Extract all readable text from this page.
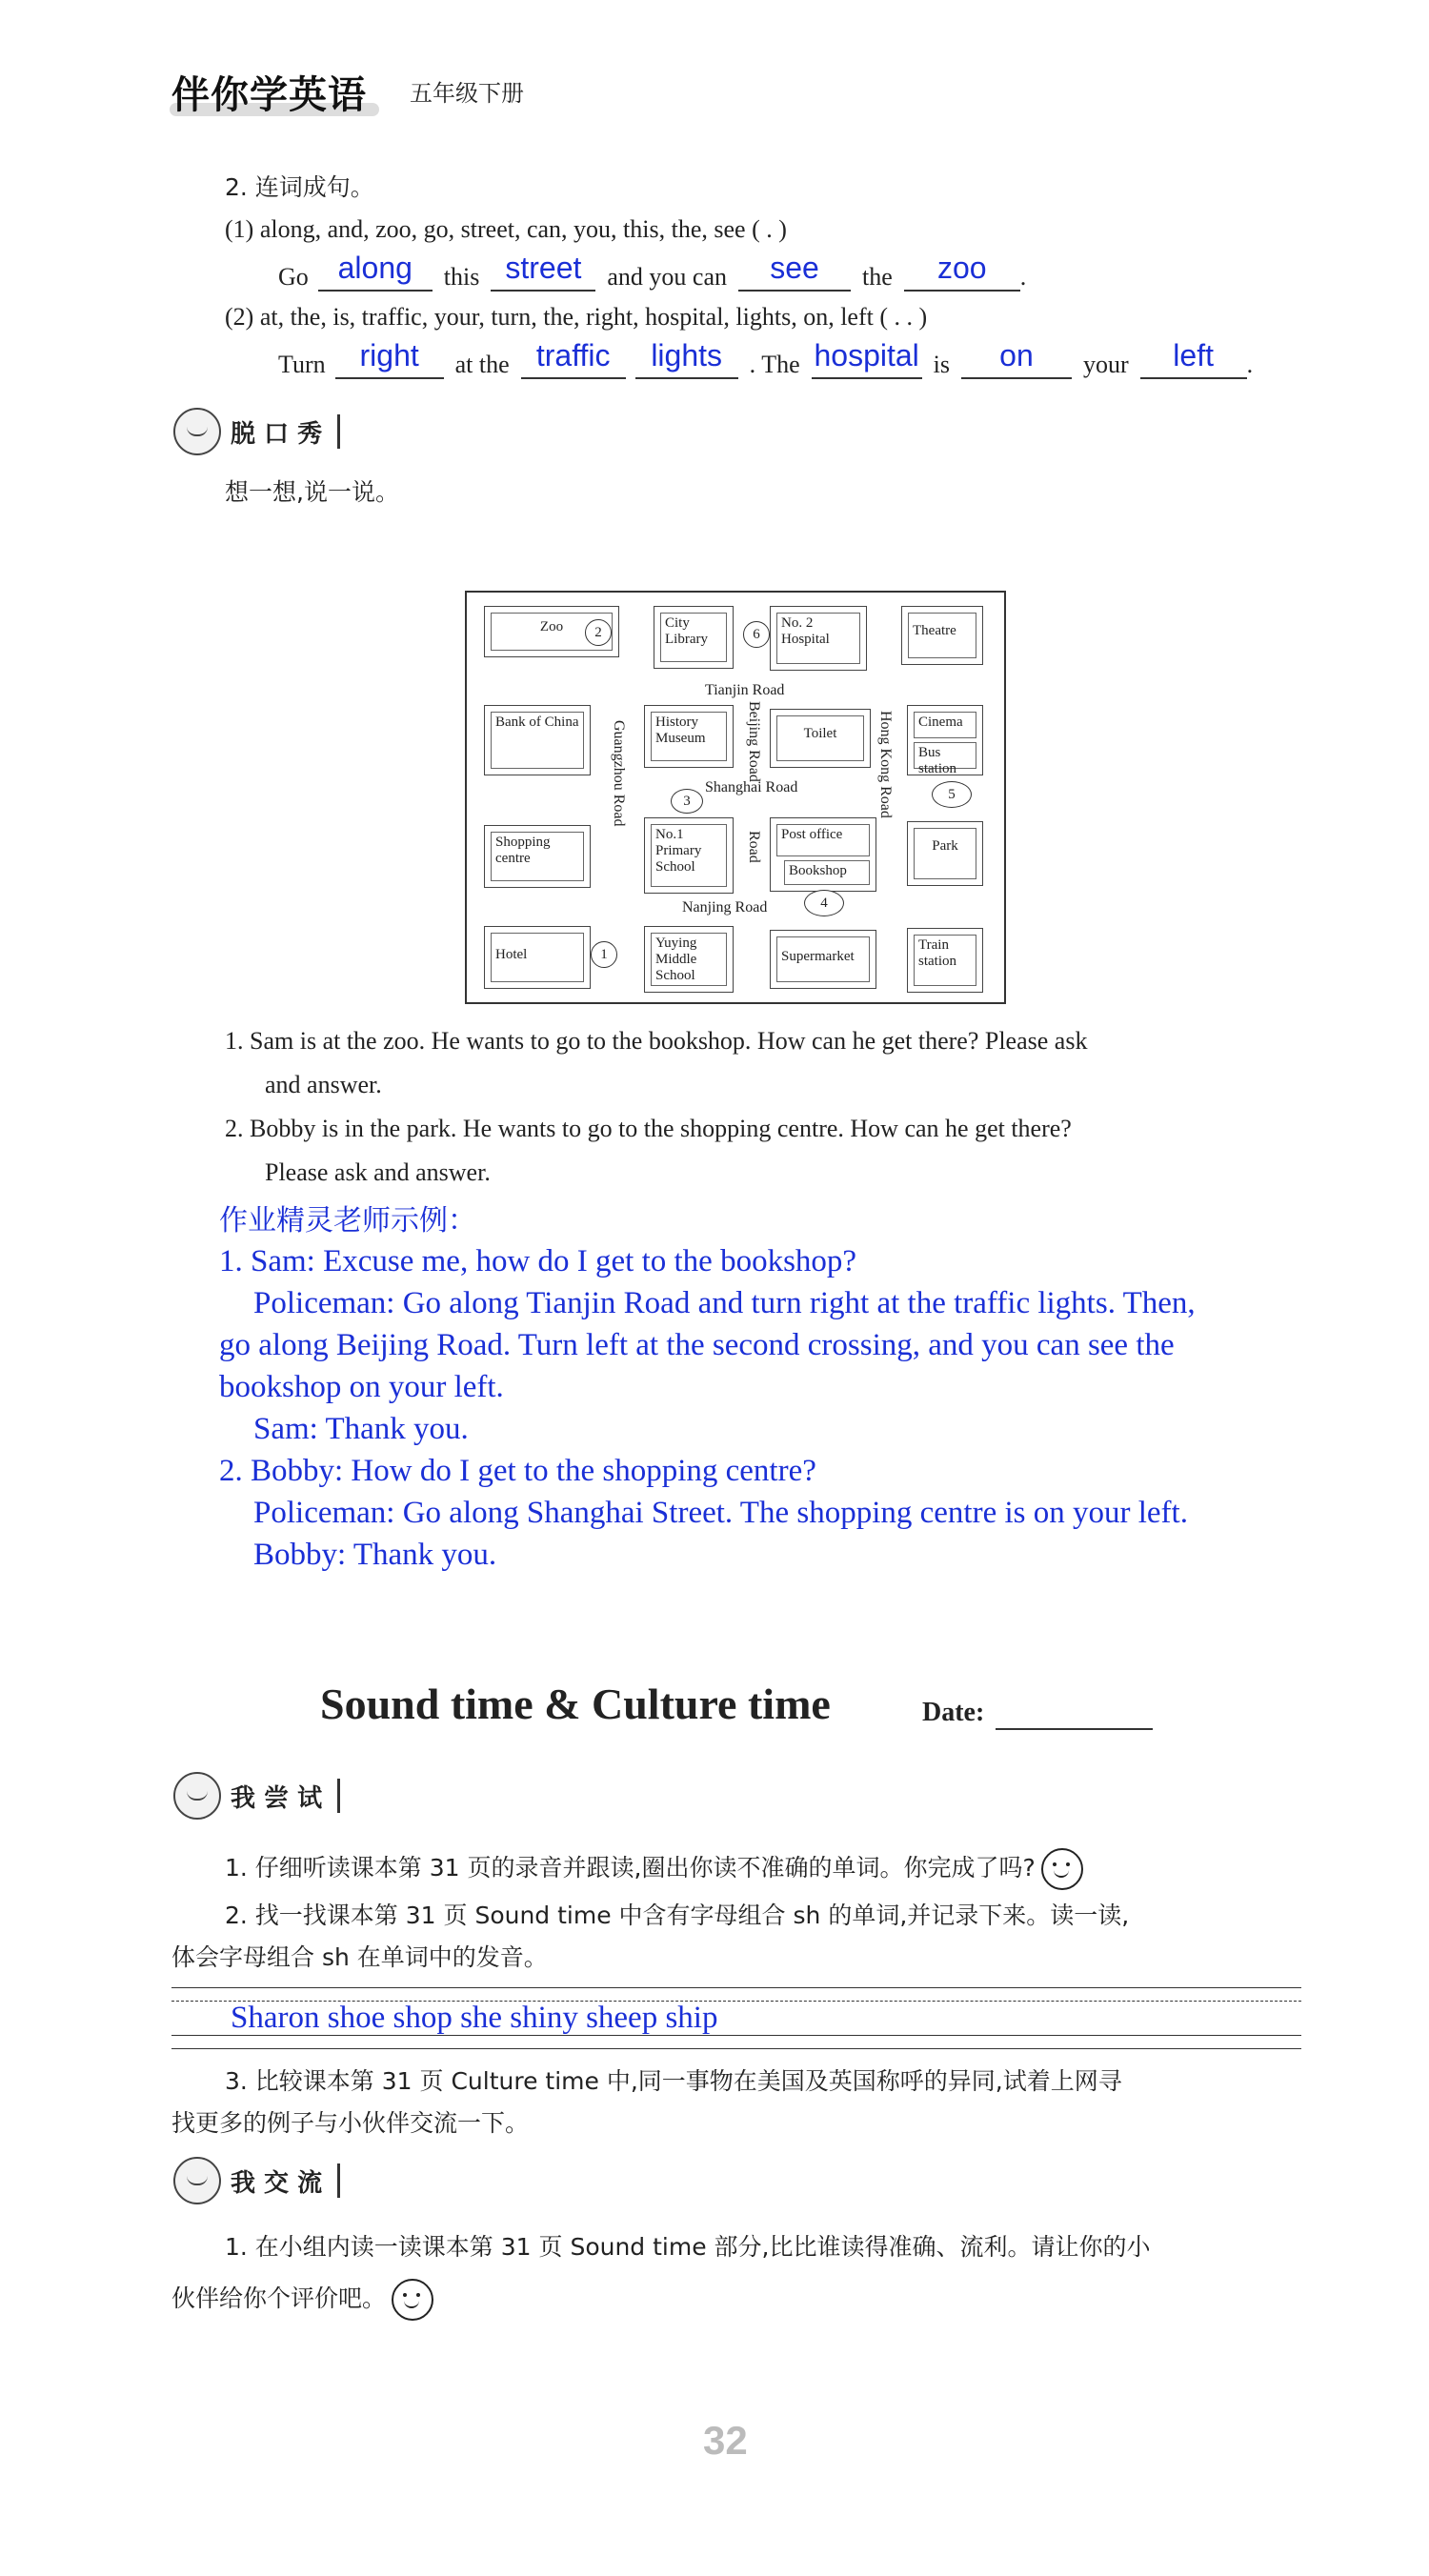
伴你学英语 五年级下册
2. 连词成句。
(1) along, and, zoo, go, street, can, you, this, the, see ( . )
Go along	this street	and you can	see	the	zoo	.
(2) at, the, is, traffic, your, turn, the, right, hospital, lights, on, left ( . . )
Turn	right	at the traffic	lights	. The hospital is	on	your	left	.
脱 口 秀
想一想,说一说。
Zoo	2
City Library	6
No. 2 Hospital
Theatre
Tianjin Road
Bank of China	Guangzhou Road	History Museum	Beijing Road	Toilet	Hong Kong Road	Cinema
Bus station
Shanghai Road
3	5
Shopping centre
No.1 Primary School
Road	Post office
Bookshop
Park
Nanjing Road	4
Hotel	1
Yuying Middle School
Supermarket
Train station
1. Sam is at the zoo. He wants to go to the bookshop. How can he get there? Please ask
and answer.
2. Bobby is in the park. He wants to go to the shopping centre. How can he get there?
Please ask and answer.
作业精灵老师示例：
1. Sam: Excuse me, how do I get to the bookshop?
Policeman: Go along Tianjin Road and turn right at the traffic lights. Then,
go along Beijing Road. Turn left at the second crossing, and you can see the
bookshop on your left.
Sam: Thank you.
2. Bobby: How do I get to the shopping centre?
Policeman: Go along Shanghai Street. The shopping centre is on your left.
Bobby: Thank you.
Sound time & Culture time	Date:
我 尝 试
1. 仔细听读课本第 31 页的录音并跟读,圈出你读不准确的单词。你完成了吗?
2. 找一找课本第 31 页 Sound time 中含有字母组合 sh 的单词,并记录下来。读一读,
体会字母组合 sh 在单词中的发音。
Sharon shoe shop she shiny sheep ship
3. 比较课本第 31 页 Culture time 中,同一事物在美国及英国称呼的异同,试着上网寻
找更多的例子与小伙伴交流一下。
我 交 流
1. 在小组内读一读课本第 31 页 Sound time 部分,比比谁读得准确、流利。请让你的小
伙伴给你个评价吧。
32
